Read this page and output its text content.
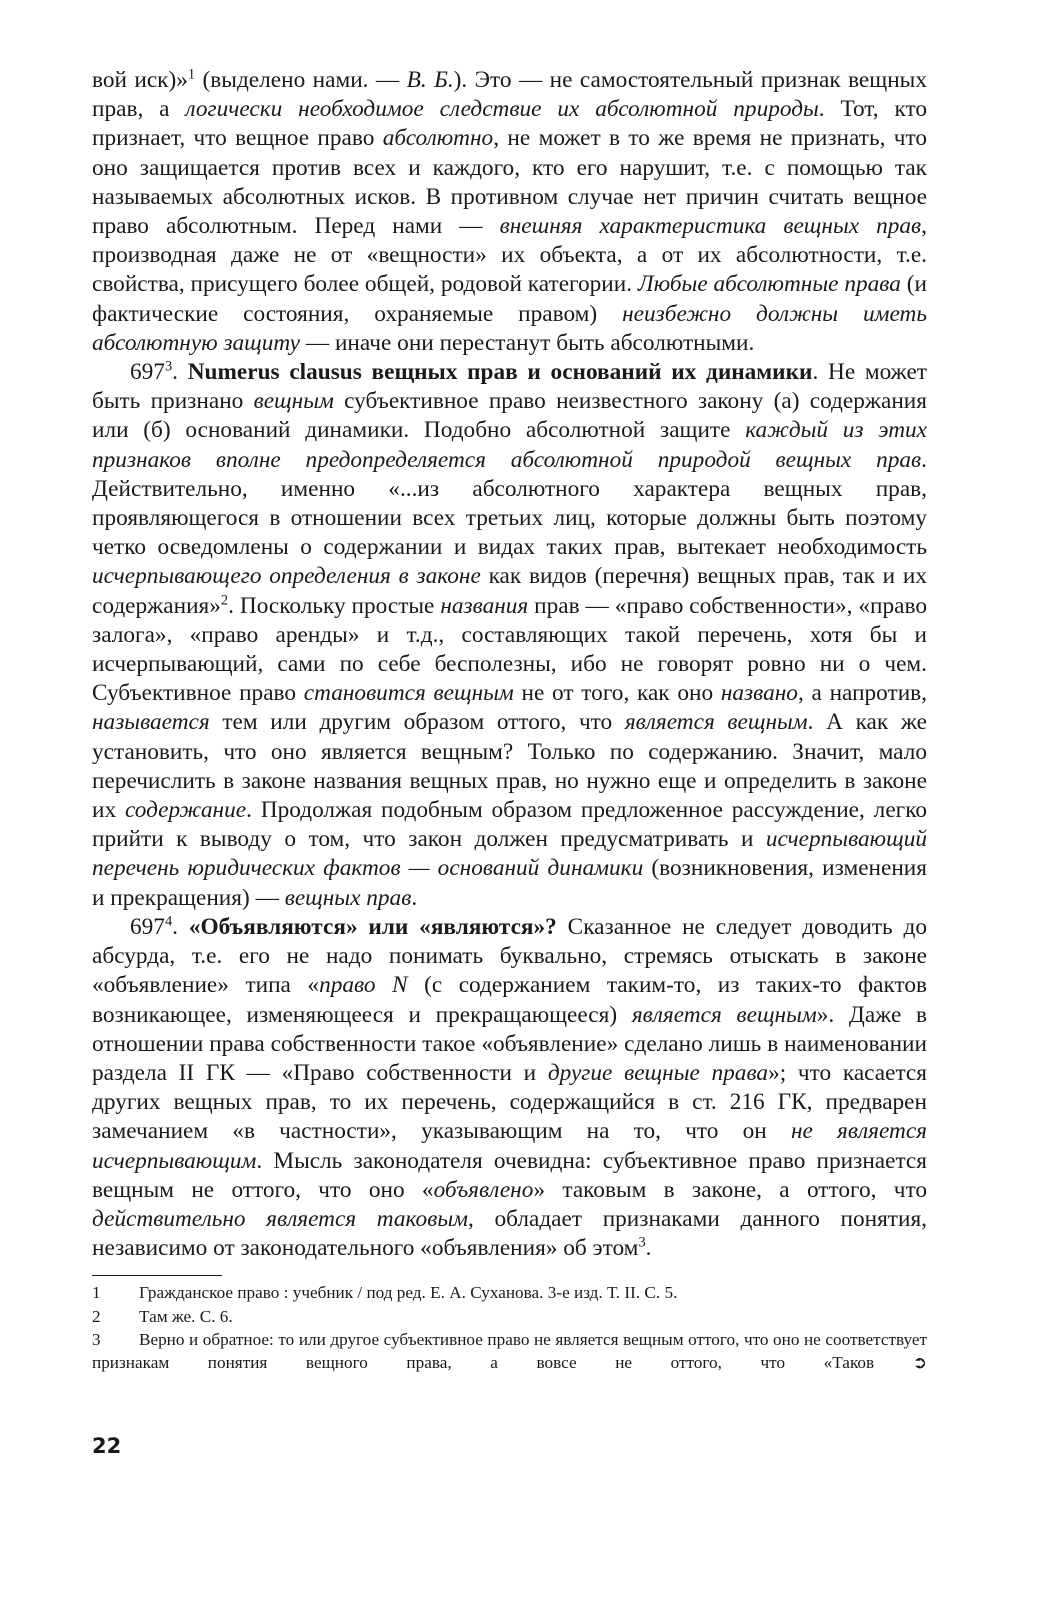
вой иск)»$^1$ (выделено нами. — В. Б.). Это — не самостоятельный признак вещных прав, а логически необходимое следствие их абсолютной природы. Тот, кто признает, что вещное право абсолютно, не может в то же время не признать, что оно защищается против всех и каждого, кто его нарушит, т.е. с помощью так называемых абсолютных исков. В противном случае нет причин считать вещное право абсолютным. Перед нами — внешняя характеристика вещных прав, производная даже не от «вещности» их объекта, а от их абсолютности, т.е. свойства, присущего более общей, родовой категории. Любые абсолютные права (и фактические состояния, охраняемые правом) неизбежно должны иметь абсолютную защиту — иначе они перестанут быть абсолютными.

$697^3$. Numerus clausus вещных прав и оснований их динамики. Не может быть признано вещным субъективное право неизвестного закону (а) содержания или (б) оснований динамики. Подобно абсолютной защите каждый из этих признаков вполне предопределяется абсолютной природой вещных прав. Действительно, именно «...из абсолютного характера вещных прав, проявляющегося в отношении всех третьих лиц, которые должны быть поэтому четко осведомлены о содержании и видах таких прав, вытекает необходимость исчерпывающего определения в законе как видов (перечня) вещных прав, так и их содержания»$^2$. Поскольку простые названия прав — «право собственности», «право залога», «право аренды» и т.д., составляющих такой перечень, хотя бы и исчерпывающий, сами по себе бесполезны, ибо не говорят ровно ни о чем. Субъективное право становится вещным не от того, как оно названо, а напротив, называется тем или другим образом оттого, что является вещным. А как же установить, что оно является вещным? Только по содержанию. Значит, мало перечислить в законе названия вещных прав, но нужно еще и определить в законе их содержание. Продолжая подобным образом предложенное рассуждение, легко прийти к выводу о том, что закон должен предусматривать и исчерпывающий перечень юридических фактов — оснований динамики (возникновения, изменения и прекращения) — вещных прав.

$697^4$. «Объявляются» или «являются»? Сказанное не следует доводить до абсурда, т.е. его не надо понимать буквально, стремясь отыскать в законе «объявление» типа «право N (с содержанием таким-то, из таких-то фактов возникающее, изменяющееся и прекращающееся) является вещным». Даже в отношении права собственности такое «объявление» сделано лишь в наименовании раздела II ГК — «Право собственности и другие вещные права»; что касается других вещных прав, то их перечень, содержащийся в ст. 216 ГК, предварен замечанием «в частности», указывающим на то, что он не является исчерпывающим. Мысль законодателя очевидна: субъективное право признается вещным не оттого, что оно «объявлено» таковым в законе, а оттого, что действительно является таковым, обладает признаками данного понятия, независимо от законодательного «объявления» об этом$^3$.

1 Гражданское право : учебник / под ред. Е. А. Суханова. 3-е изд. Т. II. С. 5.

2 Там же. С. 6.

3 Верно и обратное: то или другое субъективное право не является вещным оттого, что оно не соответствует признакам понятия вещного права, а вовсе не оттого, что «Таков ➲

22
